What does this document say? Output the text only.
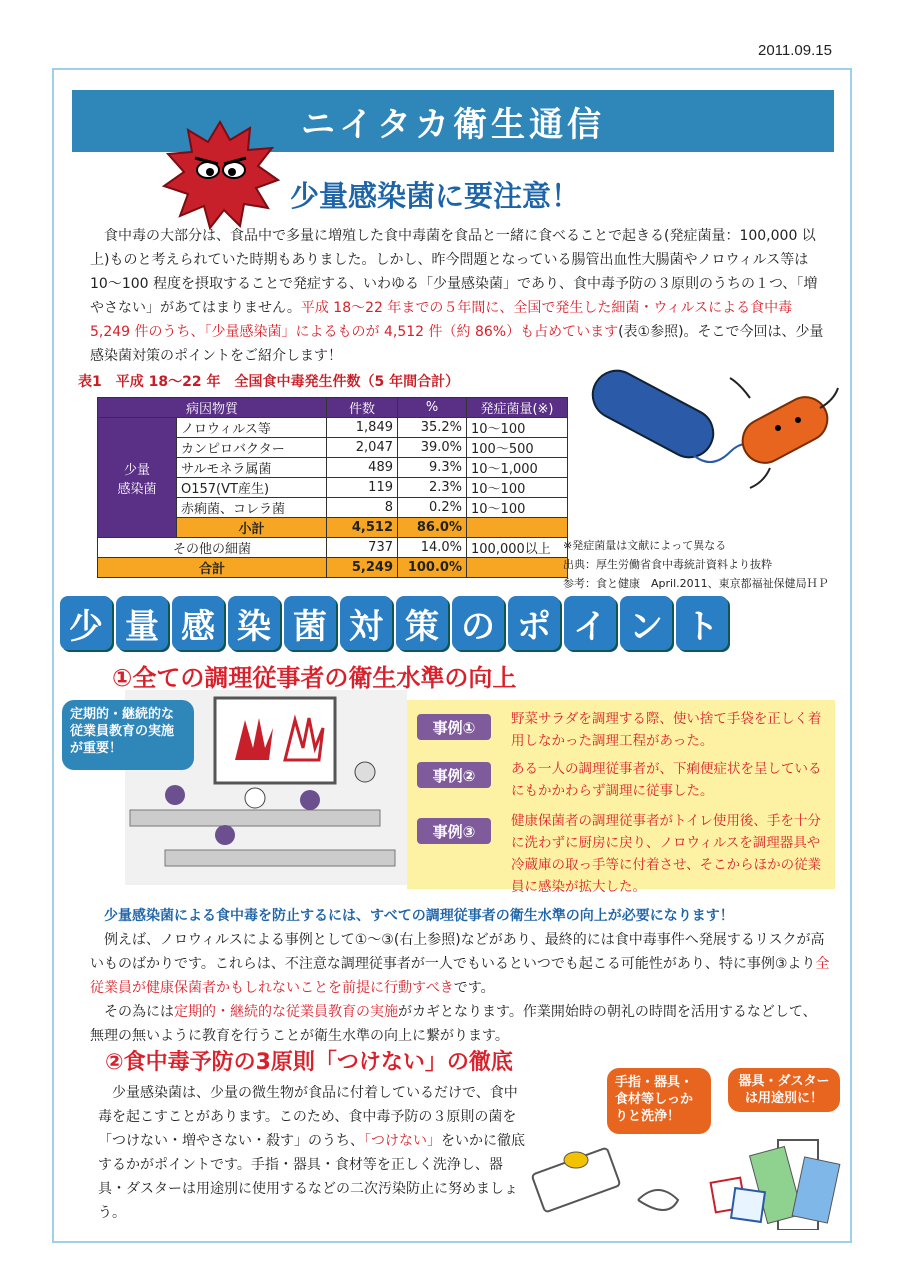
2011.09.15
ニイタカ衛生通信
少量感染菌に要注意！
食中毒の大部分は、食品中で多量に増殖した食中毒菌を食品と一緒に食べることで起きる(発症菌量：100,000 以上)ものと考えられていた時期もありました。しかし、昨今問題となっている腸管出血性大腸菌やノロウィルス等は 10～100 程度を摂取することで発症する、いわゆる「少量感染菌」であり、食中毒予防の３原則のうちの１つ、「増やさない」があてはまりません。平成 18～22 年までの５年間に、全国で発生した細菌・ウィルスによる食中毒 5,249 件のうち、「少量感染菌」によるものが 4,512 件（約 86%）も占めています(表①参照)。そこで今回は、少量感染菌対策のポイントをご紹介します！
表1　平成 18～22 年　全国食中毒発生件数（5 年間合計）
病因物質		件数	%	発症菌量(※)
少量
感染菌	ノロウィルス等	1,849	35.2%	10～100
	カンピロバクター	2,047	39.0%	100～500
	サルモネラ属菌	489	9.3%	10～1,000
	O157(VT産生)	119	2.3%	10～100
	赤痢菌、コレラ菌	8	0.2%	10～100
	小計	4,512	86.0%	
その他の細菌		737	14.0%	100,000以上
合計		5,249	100.0%	
※発症菌量は文献によって異なる
出典：厚生労働省食中毒統計資料より抜粋
参考：食と健康　April.2011、東京都福祉保健局ＨＰ
少 量 感 染 菌 対 策 の ポ イ ン ト
①全ての調理従事者の衛生水準の向上
定期的・継続的な従業員教育の実施が重要！
事例①	野菜サラダを調理する際、使い捨て手袋を正しく着用しなかった調理工程があった。
事例②	ある一人の調理従事者が、下痢便症状を呈しているにもかかわらず調理に従事した。
事例③
健康保菌者の調理従事者がトイレ使用後、手を十分に洗わずに厨房に戻り、ノロウィルスを調理器具や冷蔵庫の取っ手等に付着させ、そこからほかの従業員に感染が拡大した。
少量感染菌による食中毒を防止するには、すべての調理従事者の衛生水準の向上が必要になります！
例えば、ノロウィルスによる事例として①～③(右上参照)などがあり、最終的には食中毒事件へ発展するリスクが高いものばかりです。これらは、不注意な調理従事者が一人でもいるといつでも起こる可能性があり、特に事例③より全従業員が健康保菌者かもしれないことを前提に行動すべきです。
その為には定期的・継続的な従業員教育の実施がカギとなります。作業開始時の朝礼の時間を活用するなどして、無理の無いように教育を行うことが衛生水準の向上に繋がります。
②食中毒予防の3原則「つけない」の徹底
少量感染菌は、少量の微生物が食品に付着しているだけで、食中毒を起こすことがあります。このため、食中毒予防の３原則の菌を「つけない・増やさない・殺す」のうち、「つけない」をいかに徹底するかがポイントです。手指・器具・食材等を正しく洗浄し、器具・ダスターは用途別に使用するなどの二次汚染防止に努めましょう。
手指・器具・食材等しっかりと洗浄！
器具・ダスターは用途別に！
